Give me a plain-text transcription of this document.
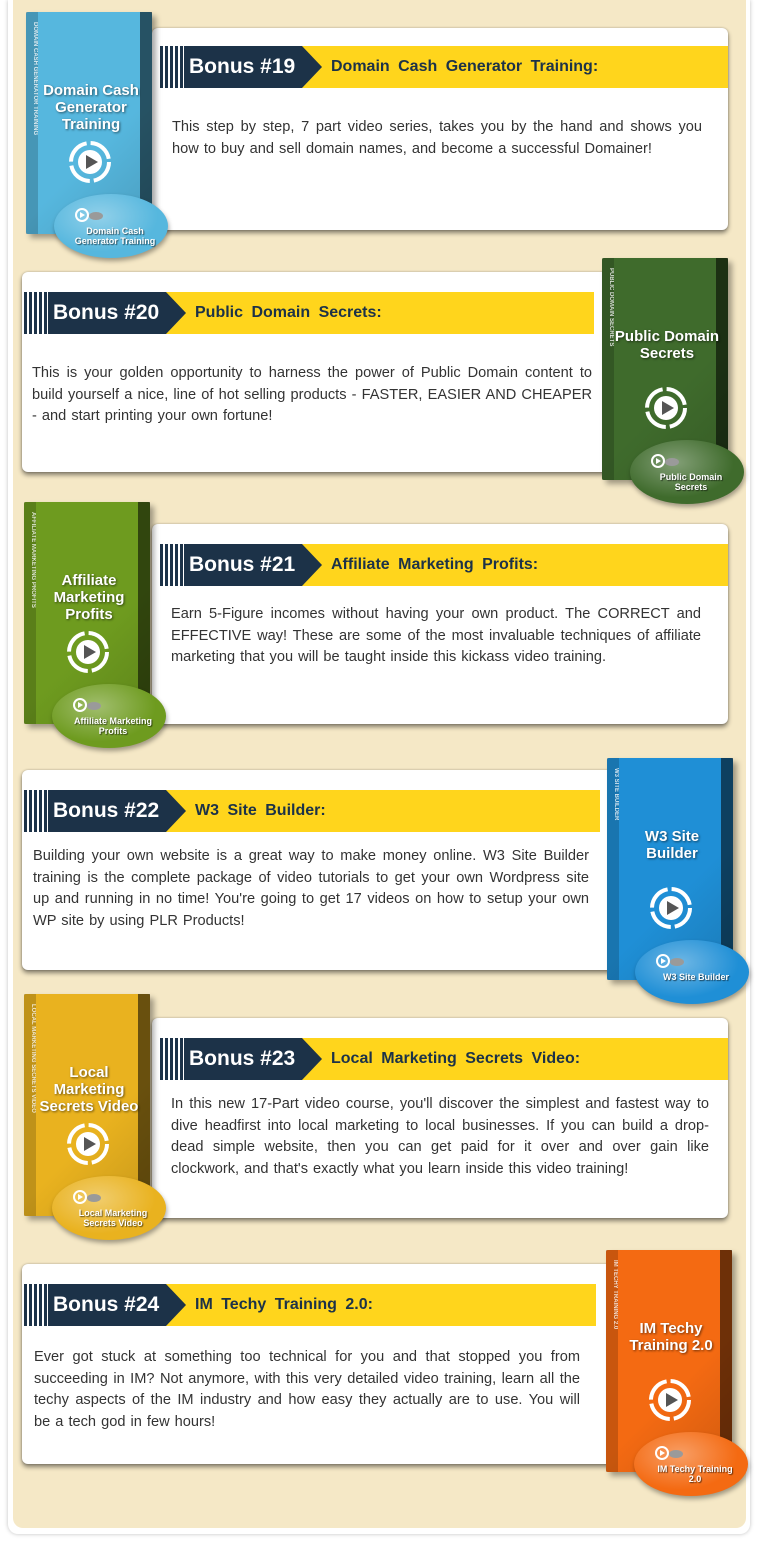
Bonus #19	Domain Cash Generator Training:
This step by step, 7 part video series, takes you by the hand and shows you how to buy and sell domain names, and become a successful Domainer!
DOMAIN CASH GENERATOR TRAINING Domain Cash Generator Training
Domain Cash Generator Training
Bonus #20	Public Domain Secrets:
This is your golden opportunity to harness the power of Public Domain content to build yourself a nice, line of hot selling products - FASTER, EASIER AND CHEAPER - and start printing your own fortune!
PUBLIC DOMAIN SECRETS Public Domain Secrets
Public Domain Secrets
Bonus #21	Affiliate Marketing Profits:
Earn 5-Figure incomes without having your own product. The CORRECT and EFFECTIVE way! These are some of the most invaluable techniques of affiliate marketing that you will be taught inside this kickass video training.
AFFILIATE MARKETING PROFITS	Affiliate Marketing Profits
Affiliate Marketing Profits
Bonus #22	W3 Site Builder:
Building your own website is a great way to make money online. W3 Site Builder training is the complete package of video tutorials to get your own Wordpress site up and running in no time! You're going to get 17 videos on how to setup your own WP site by using PLR Products!
W3 SITE BUILDER
W3 Site Builder
W3 Site Builder
Bonus #23	Local Marketing Secrets Video:
In this new 17-Part video course, you'll discover the simplest and fastest way to dive headfirst into local marketing to local businesses. If you can build a drop-dead simple website, then you can get paid for it over and over gain like clockwork, and that's exactly what you learn inside this video training!
LOCAL MARKETING SECRETS VIDEO	Local Marketing Secrets Video
Local Marketing Secrets Video
Bonus #24	IM Techy Training 2.0:
Ever got stuck at something too technical for you and that stopped you from succeeding in IM? Not anymore, with this very detailed video training, learn all the techy aspects of the IM industry and how easy they actually are to use. You will be a tech god in few hours!
IM TECHY TRAINING 2.0	IM Techy Training 2.0
IM Techy Training 2.0
